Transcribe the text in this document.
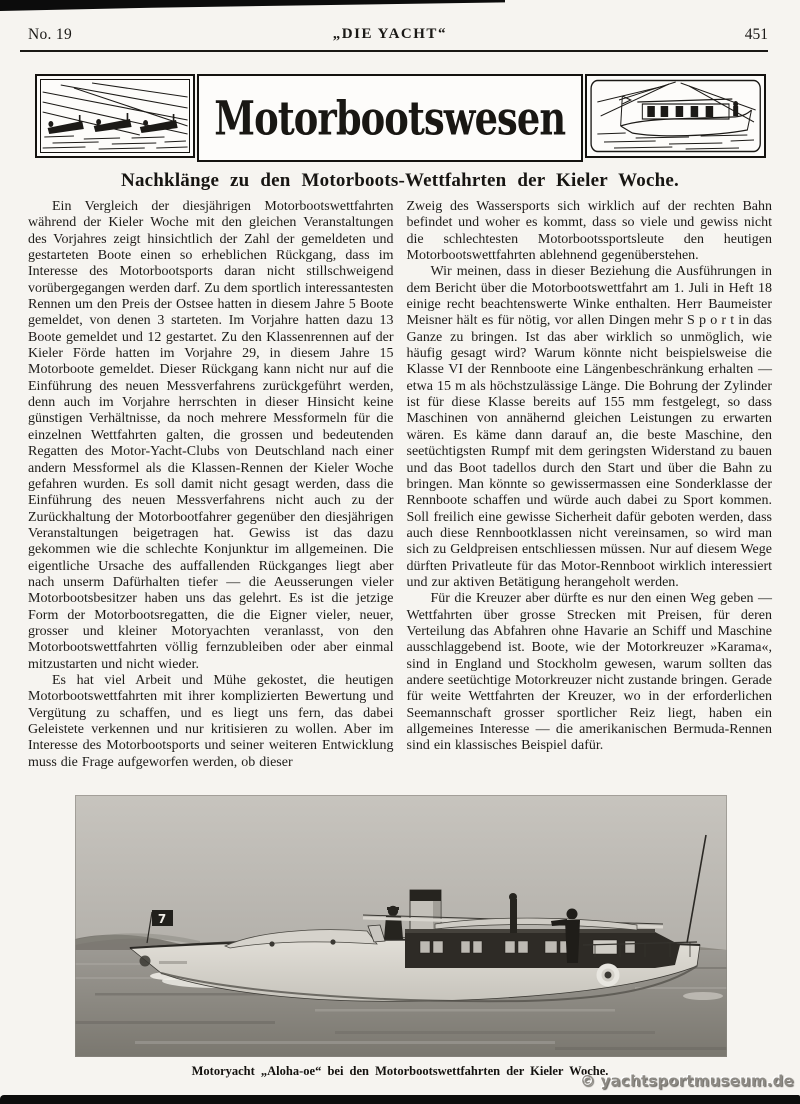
No. 19	„DIE YACHT“	451
Motorbootswesen
Nachklänge zu den Motorboots-Wettfahrten der Kieler Woche.

Ein Vergleich der diesjährigen Motorbootswettfahrten während der Kieler Woche mit den gleichen Veranstaltungen des Vorjahres zeigt hinsichtlich der Zahl der gemeldeten und gestarteten Boote einen so erheblichen Rückgang, dass im Interesse des Motorbootsports daran nicht stillschweigend vorübergegangen werden darf. Zu dem sportlich interessantesten Rennen um den Preis der Ostsee hatten in diesem Jahre 5 Boote gemeldet, von denen 3 starteten. Im Vorjahre hatten dazu 13 Boote gemeldet und 12 gestartet. Zu den Klassenrennen auf der Kieler Förde hatten im Vorjahre 29, in diesem Jahre 15 Motorboote gemeldet. Dieser Rückgang kann nicht nur auf die Einführung des neuen Messverfahrens zurückgeführt werden, denn auch im Vorjahre herrschten in dieser Hinsicht keine günstigen Verhältnisse, da noch mehrere Messformeln für die einzelnen Wettfahrten galten, die grossen und bedeutenden Regatten des Motor-Yacht-Clubs von Deutschland nach einer andern Messformel als die Klassen-Rennen der Kieler Woche gefahren wurden. Es soll damit nicht gesagt werden, dass die Einführung des neuen Messverfahrens nicht auch zu der Zurückhaltung der Motorbootfahrer gegenüber den diesjährigen Veranstaltungen beigetragen hat. Gewiss ist das dazu gekommen wie die schlechte Konjunktur im allgemeinen. Die eigentliche Ursache des auffallenden Rückganges liegt aber nach unserm Dafürhalten tiefer — die Aeusserungen vieler Motorbootsbesitzer haben uns das gelehrt. Es ist die jetzige Form der Motorbootsregatten, die die Eigner vieler, neuer, grosser und kleiner Motoryachten veranlasst, von den Motorbootswettfahrten völlig fernzubleiben oder aber einmal mitzustarten und nicht wieder.

Es hat viel Arbeit und Mühe gekostet, die heutigen Motorbootswettfahrten mit ihrer komplizierten Bewertung und Vergütung zu schaffen, und es liegt uns fern, das dabei Geleistete verkennen und nur kritisieren zu wollen. Aber im Interesse des Motorbootsports und seiner weiteren Entwicklung muss die Frage aufgeworfen werden, ob dieser

Zweig des Wassersports sich wirklich auf der rechten Bahn befindet und woher es kommt, dass so viele und gewiss nicht die schlechtesten Motorbootssportsleute den heutigen Motorbootswettfahrten ablehnend gegenüberstehen.

Wir meinen, dass in dieser Beziehung die Ausführungen in dem Bericht über die Motorbootswettfahrt am 1. Juli in Heft 18 einige recht beachtenswerte Winke enthalten. Herr Baumeister Meisner hält es für nötig, vor allen Dingen mehr S p o r t in das Ganze zu bringen. Ist das aber wirklich so unmöglich, wie häufig gesagt wird? Warum könnte nicht beispielsweise die Klasse VI der Rennboote eine Längenbeschränkung erhalten — etwa 15 m als höchstzulässige Länge. Die Bohrung der Zylinder ist für diese Klasse bereits auf 155 mm festgelegt, so dass Maschinen von annähernd gleichen Leistungen zu erwarten wären. Es käme dann darauf an, die beste Maschine, den seetüchtigsten Rumpf mit dem geringsten Widerstand zu bauen und das Boot tadellos durch den Start und über die Bahn zu bringen. Man könnte so gewissermassen eine Sonderklasse der Rennboote schaffen und würde auch dabei zu Sport kommen. Soll freilich eine gewisse Sicherheit dafür geboten werden, dass auch diese Rennbootklassen nicht vereinsamen, so wird man sich zu Geldpreisen entschliessen müssen. Nur auf diesem Wege dürften Privatleute für das Motor-Rennboot wirklich interessiert und zur aktiven Betätigung herangeholt werden.

Für die Kreuzer aber dürfte es nur den einen Weg geben — Wettfahrten über grosse Strecken mit Preisen, für deren Verteilung das Abfahren ohne Havarie an Schiff und Maschine ausschlaggebend ist. Boote, wie der Motorkreuzer »Karama«, sind in England und Stockholm gewesen, warum sollten das andere seetüchtige Motorkreuzer nicht zustande bringen. Gerade für weite Wettfahrten der Kreuzer, wo in der erforderlichen Seemannschaft grosser sportlicher Reiz liegt, haben ein allgemeines Interesse — die amerikanischen Bermuda-Rennen sind ein klassisches Beispiel dafür.

7
Motoryacht „Aloha-oe“ bei den Motorbootswettfahrten der Kieler Woche.
© yachtsportmuseum.de
